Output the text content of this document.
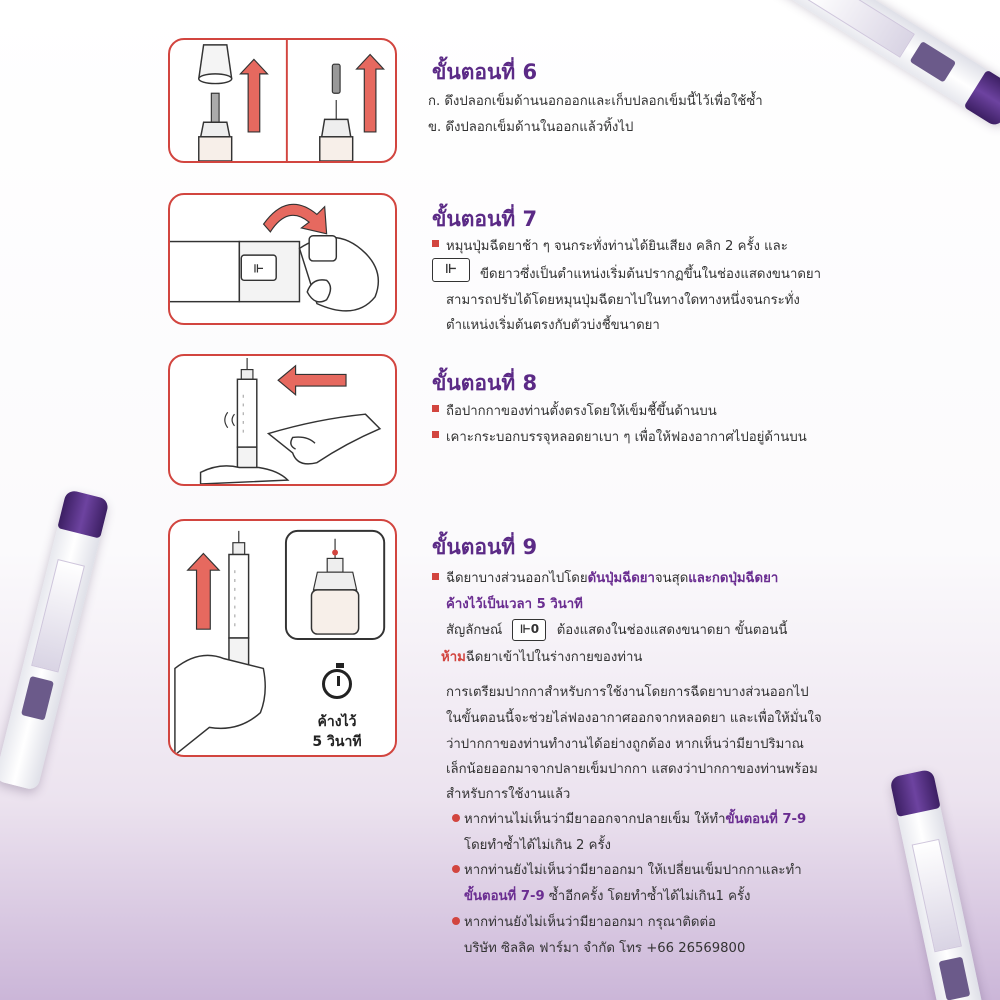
ขั้นตอนที่ 6
ก. ดึงปลอกเข็มด้านนอกออกและเก็บปลอกเข็มนี้ไว้เพื่อใช้ซ้ำ
ข. ดึงปลอกเข็มด้านในออกแล้วทิ้งไป
⊩
ขั้นตอนที่ 7
หมุนปุ่มฉีดยาช้า ๆ จนกระทั่งท่านได้ยินเสียง คลิก 2 ครั้ง และ
⊩	ขีดยาวซึ่งเป็นตำแหน่งเริ่มต้นปรากฏขึ้นในช่องแสดงขนาดยา
สามารถปรับได้โดยหมุนปุ่มฉีดยาไปในทางใดทางหนึ่งจนกระทั่ง
ตำแหน่งเริ่มต้นตรงกับตัวบ่งชี้ขนาดยา
ขั้นตอนที่ 8
ถือปากกาของท่านตั้งตรงโดยให้เข็มชี้ขึ้นด้านบน
เคาะกระบอกบรรจุหลอดยาเบา ๆ เพื่อให้ฟองอากาศไปอยู่ด้านบน
ค้างไว้
5 วินาที
ขั้นตอนที่ 9
ฉีดยาบางส่วนออกไปโดยดันปุ่มฉีดยาจนสุดและกดปุ่มฉีดยา
ค้างไว้เป็นเวลา 5 วินาที
สัญลักษณ์ ⊩0 ต้องแสดงในช่องแสดงขนาดยา ขั้นตอนนี้
ห้ามฉีดยาเข้าไปในร่างกายของท่าน
การเตรียมปากกาสำหรับการใช้งานโดยการฉีดยาบางส่วนออกไป
ในขั้นตอนนี้จะช่วยไล่ฟองอากาศออกจากหลอดยา และเพื่อให้มั่นใจ
ว่าปากกาของท่านทำงานได้อย่างถูกต้อง หากเห็นว่ามียาปริมาณ
เล็กน้อยออกมาจากปลายเข็มปากกา แสดงว่าปากกาของท่านพร้อม
สำหรับการใช้งานแล้ว
หากท่านไม่เห็นว่ามียาออกจากปลายเข็ม ให้ทำขั้นตอนที่ 7-9
โดยทำซ้ำได้ไม่เกิน 2 ครั้ง
หากท่านยังไม่เห็นว่ามียาออกมา ให้เปลี่ยนเข็มปากกาและทำ
ขั้นตอนที่ 7-9 ซ้ำอีกครั้ง โดยทำซ้ำได้ไม่เกิน1 ครั้ง
หากท่านยังไม่เห็นว่ามียาออกมา กรุณาติดต่อ
บริษัท ซิลลิค ฟาร์มา จำกัด โทร +66 26569800
